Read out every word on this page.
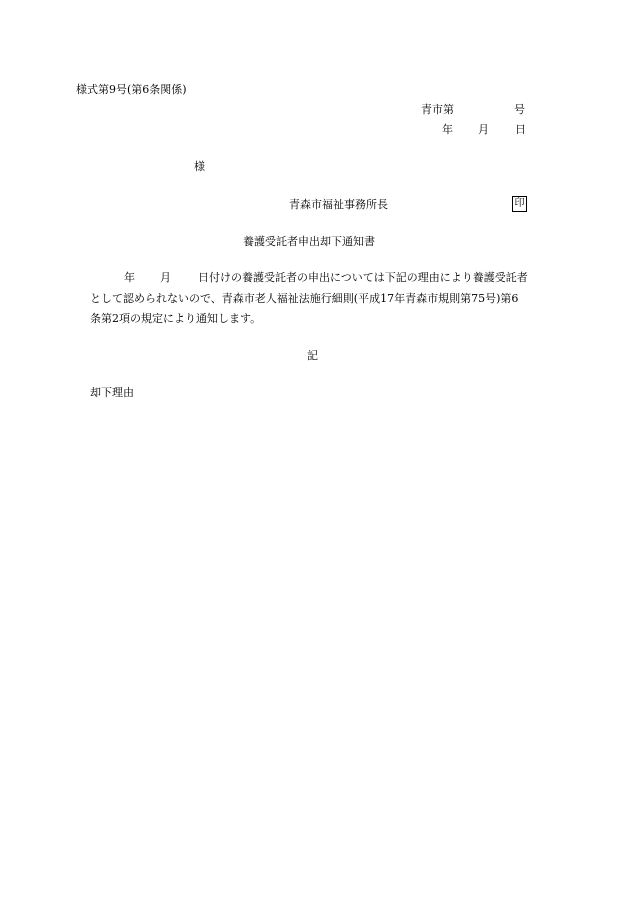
様式第9号(第6条関係)
青市第	号
年 月 日
様
青森市福祉事務所長	印
養護受託者申出却下通知書
年 月 日付けの養護受託者の申出については下記の理由により養護受託者
として認められないので、青森市老人福祉法施行細則(平成17年青森市規則第75号)第6
条第2項の規定により通知します。
記
却下理由
